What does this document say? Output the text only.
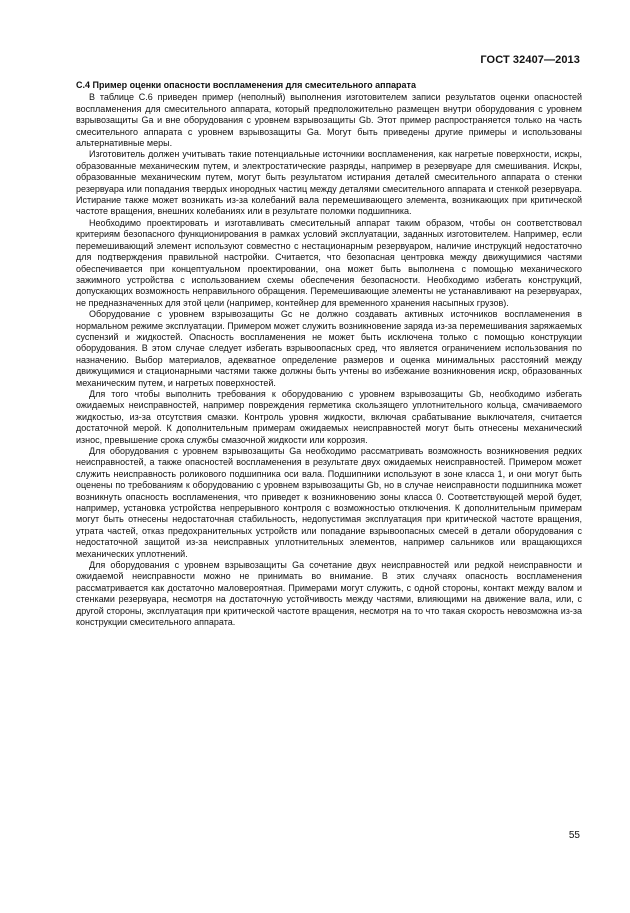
ГОСТ 32407—2013

С.4 Пример оценки опасности воспламенения для смесительного аппарата

В таблице С.6 приведен пример (неполный) выполнения изготовителем записи результатов оценки опасностей воспламенения для смесительного аппарата, который предположительно размещен внутри оборудования с уровнем взрывозащиты Ga и вне оборудования с уровнем взрывозащиты Gb. Этот пример распространяется только на часть смесительного аппарата с уровнем взрывозащиты Ga. Могут быть приведены другие примеры и использованы альтернативные меры.

Изготовитель должен учитывать такие потенциальные источники воспламенения, как нагретые поверхности, искры, образованные механическим путем, и электростатические разряды, например в резервуаре для смешивания. Искры, образованные механическим путем, могут быть результатом истирания деталей смесительного аппарата о стенки резервуара или попадания твердых инородных частиц между деталями смесительного аппарата и стенкой резервуара. Истирание также может возникать из-за колебаний вала перемешивающего элемента, возникающих при критической частоте вращения, внешних колебаниях или в результате поломки подшипника.

Необходимо проектировать и изготавливать смесительный аппарат таким образом, чтобы он соответствовал критериям безопасного функционирования в рамках условий эксплуатации, заданных изготовителем. Например, если перемешивающий элемент используют совместно с нестационарным резервуаром, наличие инструкций недостаточно для подтверждения правильной настройки. Считается, что безопасная центровка между движущимися частями обеспечивается при концептуальном проектировании, она может быть выполнена с помощью механического зажимного устройства с использованием схемы обеспечения безопасности. Необходимо избегать конструкций, допускающих возможность неправильного обращения. Перемешивающие элементы не устанавливают на резервуарах, не предназначенных для этой цели (например, контейнер для временного хранения насыпных грузов).

Оборудование с уровнем взрывозащиты Gc не должно создавать активных источников воспламенения в нормальном режиме эксплуатации. Примером может служить возникновение заряда из-за перемешивания заряжаемых суспензий и жидкостей. Опасность воспламенения не может быть исключена только с помощью конструкции оборудования. В этом случае следует избегать взрывоопасных сред, что является ограничением использования по назначению. Выбор материалов, адекватное определение размеров и оценка минимальных расстояний между движущимися и стационарными частями также должны быть учтены во избежание возникновения искр, образованных механическим путем, и нагретых поверхностей.

Для того чтобы выполнить требования к оборудованию с уровнем взрывозащиты Gb, необходимо избегать ожидаемых неисправностей, например повреждения герметика скользящего уплотнительного кольца, смачиваемого жидкостью, из-за отсутствия смазки. Контроль уровня жидкости, включая срабатывание выключателя, считается достаточной мерой. К дополнительным примерам ожидаемых неисправностей могут быть отнесены механический износ, превышение срока службы смазочной жидкости или коррозия.

Для оборудования с уровнем взрывозащиты Ga необходимо рассматривать возможность возникновения редких неисправностей, а также опасностей воспламенения в результате двух ожидаемых неисправностей. Примером может служить неисправность роликового подшипника оси вала. Подшипники используют в зоне класса 1, и они могут быть оценены по требованиям к оборудованию с уровнем взрывозащиты Gb, но в случае неисправности подшипника может возникнуть опасность воспламенения, что приведет к возникновению зоны класса 0. Соответствующей мерой будет, например, установка устройства непрерывного контроля с возможностью отключения. К дополнительным примерам могут быть отнесены недостаточная стабильность, недопустимая эксплуатация при критической частоте вращения, утрата частей, отказ предохранительных устройств или попадание взрывоопасных смесей в детали оборудования с недостаточной защитой из-за неисправных уплотнительных элементов, например сальников или вращающихся механических уплотнений.

Для оборудования с уровнем взрывозащиты Ga сочетание двух неисправностей или редкой неисправности и ожидаемой неисправности можно не принимать во внимание. В этих случаях опасность воспламенения рассматривается как достаточно маловероятная. Примерами могут служить, с одной стороны, контакт между валом и стенками резервуара, несмотря на достаточную устойчивость между частями, влияющими на движение вала, или, с другой стороны, эксплуатация при критической частоте вращения, несмотря на то что такая скорость невозможна из-за конструкции смесительного аппарата.

55
